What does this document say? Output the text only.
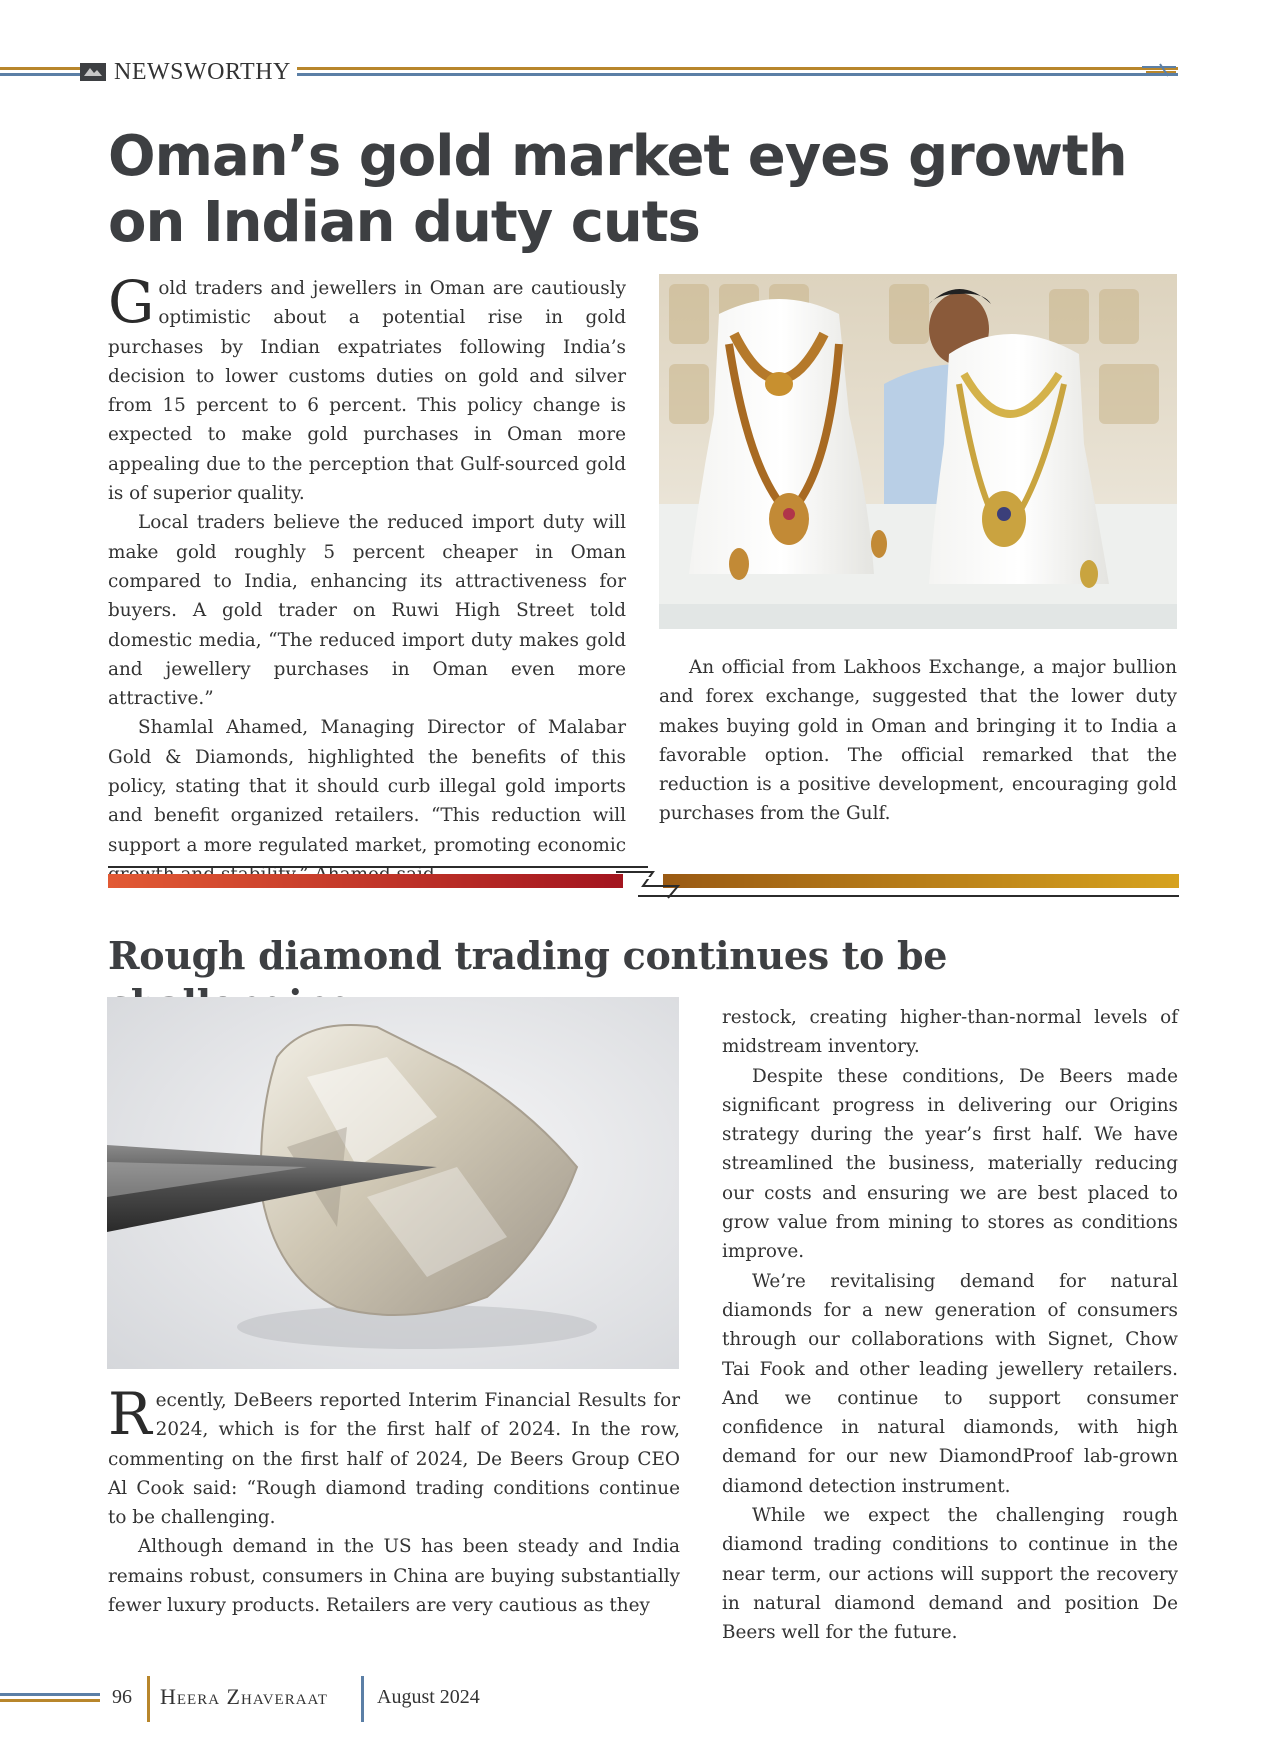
NEWSWORTHY
Oman’s gold market eyes growth on Indian duty cuts

Gold traders and jewellers in Oman are cautiously optimistic about a potential rise in gold purchases by Indian expatriates following India’s decision to lower customs duties on gold and silver from 15 percent to 6 percent. This policy change is expected to make gold purchases in Oman more appealing due to the perception that Gulf-sourced gold is of superior quality.

Local traders believe the reduced import duty will make gold roughly 5 percent cheaper in Oman compared to India, enhancing its attractiveness for buyers. A gold trader on Ruwi High Street told domestic media, “The reduced import duty makes gold and jewellery purchases in Oman even more attractive.”

Shamlal Ahamed, Managing Director of Malabar Gold & Diamonds, highlighted the benefits of this policy, stating that it should curb illegal gold imports and benefit organized retailers. “This reduction will support a more regulated market, promoting economic

An official from Lakhoos Exchange, a major bullion and forex exchange, suggested that the lower duty makes buying gold in Oman and bringing it to India a favorable option. The official remarked that the reduction is a positive development, encouraging gold purchases from the Gulf.

Rough diamond trading continues to be

Recently, DeBeers reported Interim Financial Results for 2024, which is for the first half of 2024. In the row, commenting on the first half of 2024, De Beers Group CEO Al Cook said: “Rough diamond trading conditions continue to be challenging.

Although demand in the US has been steady and India remains robust, consumers in China are buying substantially fewer luxury products. Retailers are very cautious as they

restock, creating higher-than-normal levels of midstream inventory.

Despite these conditions, De Beers made significant progress in delivering our Origins strategy during the year’s first half. We have streamlined the business, materially reducing our costs and ensuring we are best placed to grow value from mining to stores as conditions improve.

We’re revitalising demand for natural diamonds for a new generation of consumers through our collaborations with Signet, Chow Tai Fook and other leading jewellery retailers. And we continue to support consumer confidence in natural diamonds, with high demand for our new DiamondProof lab-grown diamond detection instrument.

While we expect the challenging rough diamond trading conditions to continue in the near term, our actions will support the recovery in natural diamond demand and position De Beers well for the future.

96 Heera Zhaveraat August 2024
